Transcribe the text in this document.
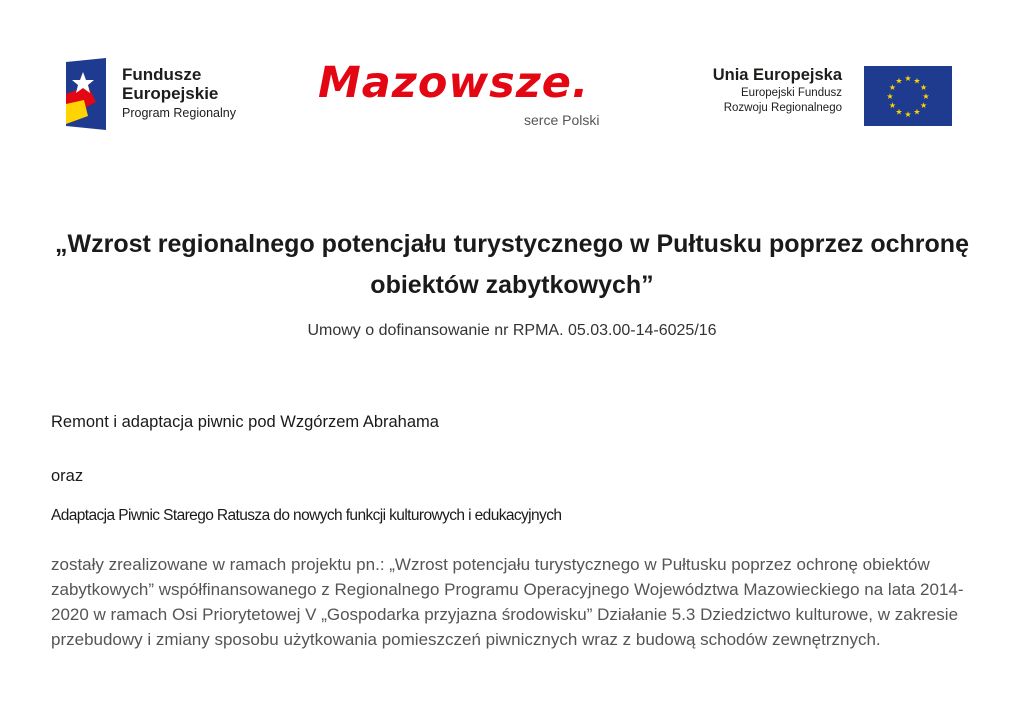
Fundusze
Europejskie
Program Regionalny
Mazowsze.
serce Polski
Unia Europejska
Europejski Fundusz
Rozwoju Regionalnego
★ ★
★
★
★
★
★
★
★
★
★
★
„Wzrost regionalnego potencjału turystycznego w Pułtusku poprzez ochronę obiektów zabytkowych”
Umowy o dofinansowanie nr RPMA. 05.03.00-14-6025/16
Remont i adaptacja piwnic pod Wzgórzem Abrahama
oraz
Adaptacja Piwnic Starego Ratusza do nowych funkcji kulturowych i edukacyjnych

zostały zrealizowane w ramach projektu pn.: „Wzrost potencjału turystycznego w Pułtusku poprzez ochronę obiektów zabytkowych” współfinansowanego z Regionalnego Programu Operacyjnego Województwa Mazowieckiego na lata 2014-2020 w ramach Osi Priorytetowej V „Gospodarka przyjazna środowisku” Działanie 5.3 Dziedzictwo kulturowe, w zakresie przebudowy i zmiany sposobu użytkowania pomieszczeń piwnicznych wraz z budową schodów zewnętrznych.
